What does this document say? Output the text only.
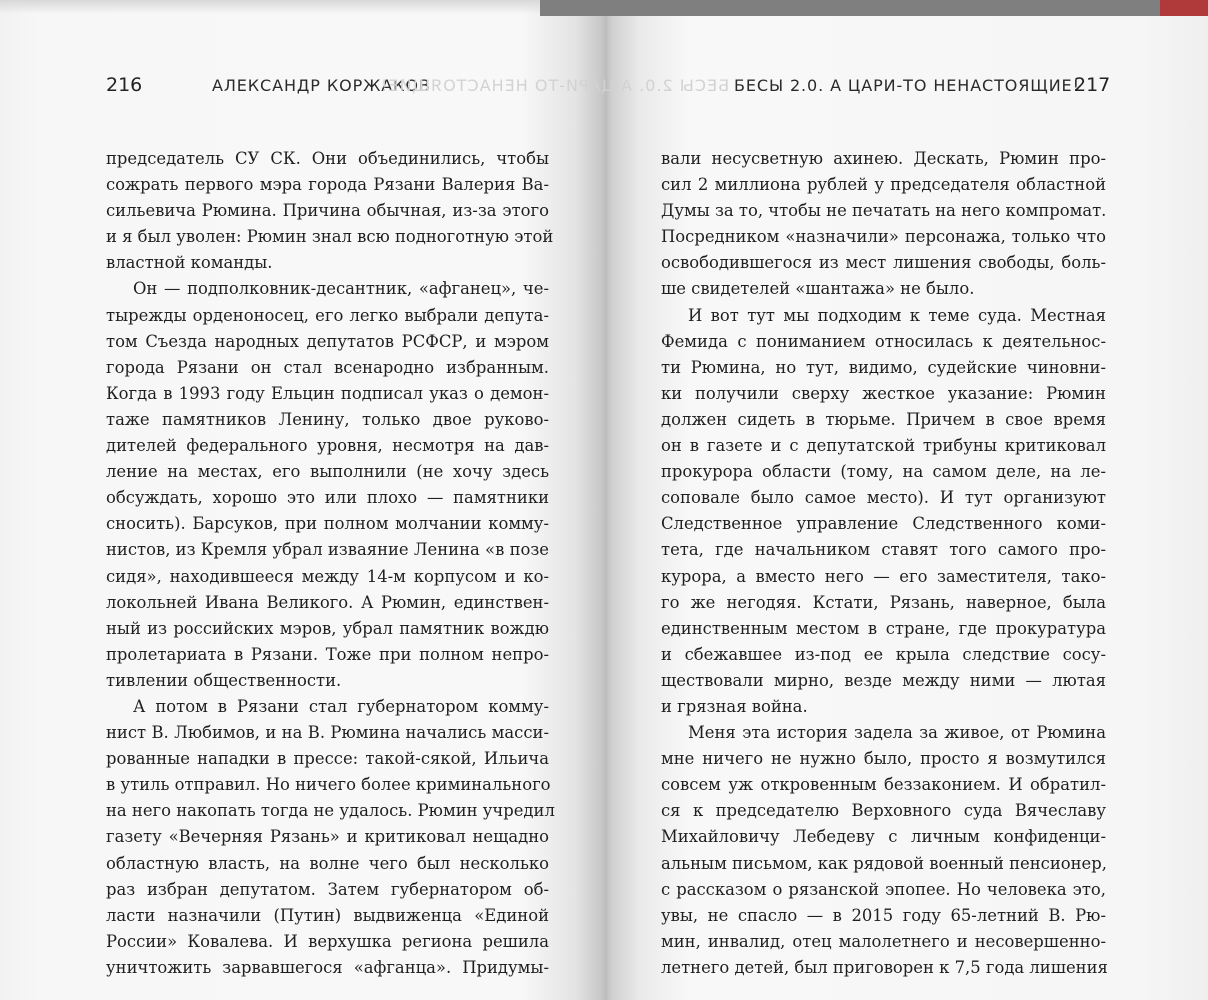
216	АЛЕКСАНДР КОРЖАКОВ
БЕСЫ 2.0. А ЦАРИ-ТО НЕНАСТОЯЩИЕ!
председатель СУ СК. Они объединились, чтобы
сожрать первого мэра города Рязани Валерия Ва-
сильевича Рюмина. Причина обычная, из-за этого
и я был уволен: Рюмин знал всю подноготную этой
властной команды.
Он — подполковник-десантник, «афганец», че-
тырежды орденоносец, его легко выбрали депута-
том Съезда народных депутатов РСФСР, и мэром
города Рязани он стал всенародно избранным.
Когда в 1993 году Ельцин подписал указ о демон-
таже памятников Ленину, только двое руково-
дителей федерального уровня, несмотря на дав-
ление на местах, его выполнили (не хочу здесь
обсуждать, хорошо это или плохо — памятники
сносить). Барсуков, при полном молчании комму-
нистов, из Кремля убрал изваяние Ленина «в позе
сидя», находившееся между 14-м корпусом и ко-
локольней Ивана Великого. А Рюмин, единствен-
ный из российских мэров, убрал памятник вождю
пролетариата в Рязани. Тоже при полном непро-
тивлении общественности.
А потом в Рязани стал губернатором комму-
нист В. Любимов, и на В. Рюмина начались масси-
рованные нападки в прессе: такой-сякой, Ильича
в утиль отправил. Но ничего более криминального
на него накопать тогда не удалось. Рюмин учредил
газету «Вечерняя Рязань» и критиковал нещадно
областную власть, на волне чего был несколько
раз избран депутатом. Затем губернатором об-
ласти назначили (Путин) выдвиженца «Единой
России» Ковалева. И верхушка региона решила
уничтожить зарвавшегося «афганца». Придумы-
БЕСЫ 2.0. А ЦАРИ-ТО НЕНАСТОЯЩИЕ!
217
вали несусветную ахинею. Дескать, Рюмин про-
сил 2 миллиона рублей у председателя областной
Думы за то, чтобы не печатать на него компромат.
Посредником «назначили» персонажа, только что
освободившегося из мест лишения свободы, боль-
ше свидетелей «шантажа» не было.
И вот тут мы подходим к теме суда. Местная
Фемида с пониманием относилась к деятельнос-
ти Рюмина, но тут, видимо, судейские чиновни-
ки получили сверху жесткое указание: Рюмин
должен сидеть в тюрьме. Причем в свое время
он в газете и с депутатской трибуны критиковал
прокурора области (тому, на самом деле, на ле-
соповале было самое место). И тут организуют
Следственное управление Следственного коми-
тета, где начальником ставят того самого про-
курора, а вместо него — его заместителя, тако-
го же негодяя. Кстати, Рязань, наверное, была
единственным местом в стране, где прокуратура
и сбежавшее из-под ее крыла следствие сосу-
ществовали мирно, везде между ними — лютая
и грязная война.
Меня эта история задела за живое, от Рюмина
мне ничего не нужно было, просто я возмутился
совсем уж откровенным беззаконием. И обратил-
ся к председателю Верховного суда Вячеславу
Михайловичу Лебедеву с личным конфиденци-
альным письмом, как рядовой военный пенсионер,
с рассказом о рязанской эпопее. Но человека это,
увы, не спасло — в 2015 году 65-летний В. Рю-
мин, инвалид, отец малолетнего и несовершенно-
летнего детей, был приговорен к 7,5 года лишения
